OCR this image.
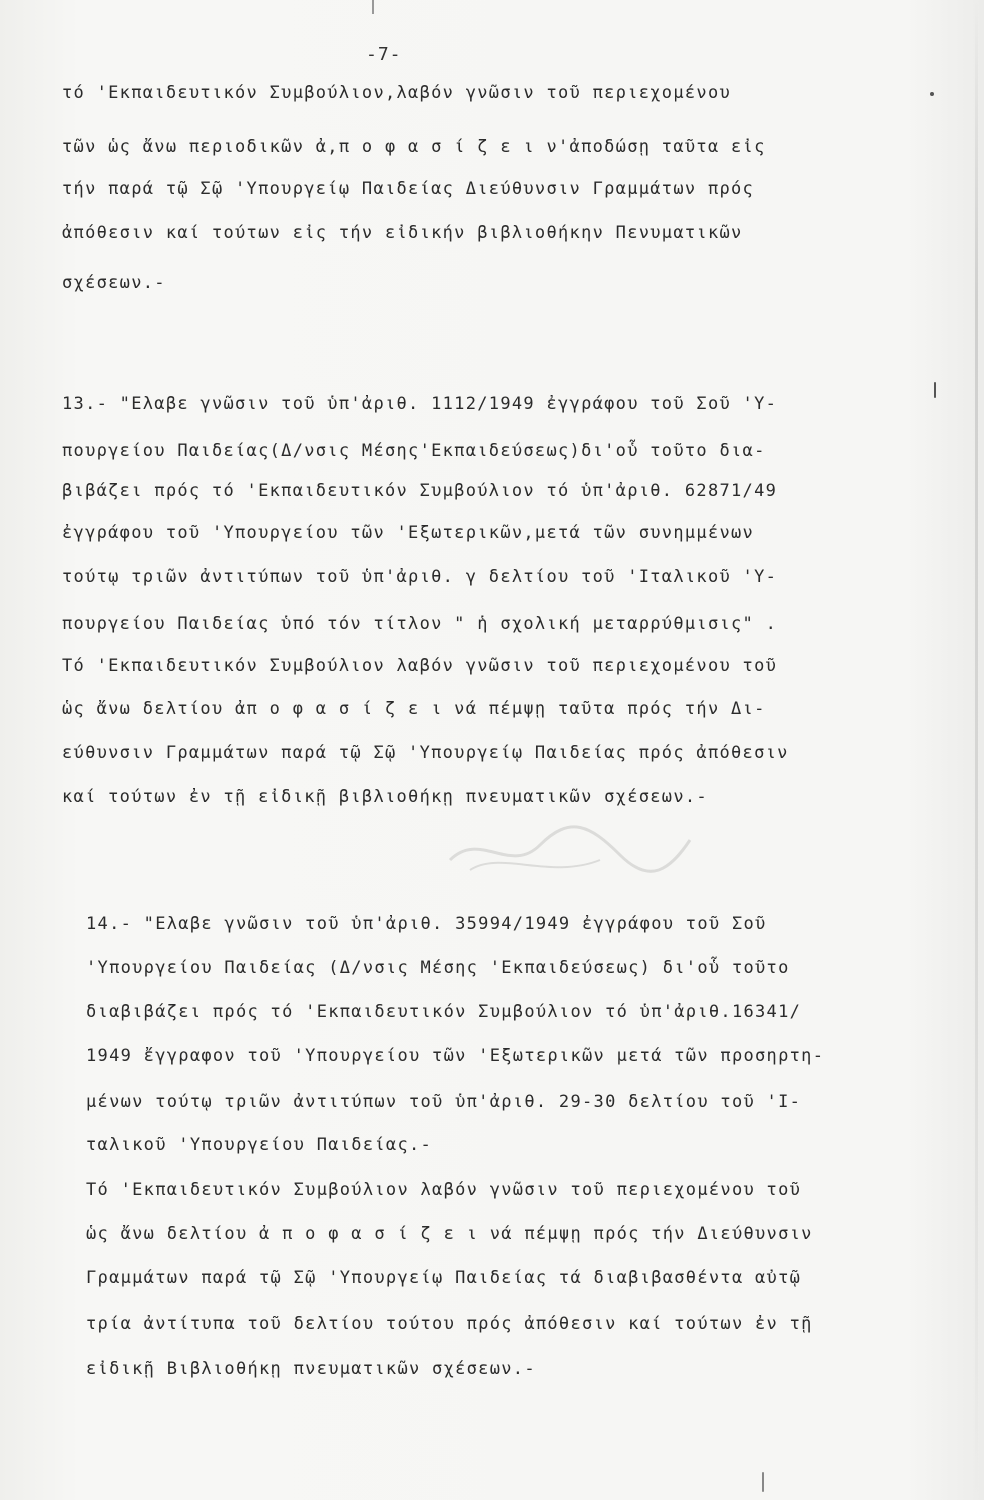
-7-
τό 'Εκπαιδευτικόν Συμβούλιον,λαβόν γνῶσιν τοῦ περιεχομένου
τῶν ὡς ἄνω περιοδικῶν ἀ,π ο φ α σ ί ζ ε ι ν'ἀποδώσῃ ταῦτα εἰς
τήν παρά τῷ Σῷ 'Υπουργείῳ Παιδείας Διεύθυνσιν Γραμμάτων πρός
ἀπόθεσιν καί τούτων εἰς τήν εἰδικήν βιβλιοθήκην Πενυματικῶν
σχέσεων.-
13.- "Ελαβε γνῶσιν τοῦ ὑπ'ἀριθ. 1112/1949 ἐγγράφου τοῦ Σοῦ 'Υ-
πουργείου Παιδείας(Δ/νσις Μέσης'Εκπαιδεύσεως)δι'οὗ τοῦτο δια-
βιβάζει πρός τό 'Εκπαιδευτικόν Συμβούλιον τό ὑπ'ἀριθ. 62871/49
ἐγγράφου τοῦ 'Υπουργείου τῶν 'Εξωτερικῶν,μετά τῶν συνημμένων
τούτῳ τριῶν ἀντιτύπων τοῦ ὑπ'ἀριθ. γ δελτίου τοῦ 'Ιταλικοῦ 'Υ-
πουργείου Παιδείας ὑπό τόν τίτλον " ἡ σχολική μεταρρύθμισις" .
Τό 'Εκπαιδευτικόν Συμβούλιον λαβόν γνῶσιν τοῦ περιεχομένου τοῦ
ὡς ἄνω δελτίου ἀπ ο φ α σ ί ζ ε ι νά πέμψῃ ταῦτα πρός τήν Δι-
εύθυνσιν Γραμμάτων παρά τῷ Σῷ 'Υπουργείῳ Παιδείας πρός ἀπόθεσιν
καί τούτων ἐν τῇ εἰδικῇ βιβλιοθήκῃ πνευματικῶν σχέσεων.-
14.- "Ελαβε γνῶσιν τοῦ ὑπ'ἀριθ. 35994/1949 ἐγγράφου τοῦ Σοῦ
'Υπουργείου Παιδείας (Δ/νσις Μέσης 'Εκπαιδεύσεως) δι'οὗ τοῦτο
διαβιβάζει πρός τό 'Εκπαιδευτικόν Συμβούλιον τό ὑπ'ἀριθ.16341/
1949 ἔγγραφον τοῦ 'Υπουργείου τῶν 'Εξωτερικῶν μετά τῶν προσηρτη-
μένων τούτῳ τριῶν ἀντιτύπων τοῦ ὑπ'ἀριθ. 29-30 δελτίου τοῦ 'Ι-
ταλικοῦ 'Υπουργείου Παιδείας.-
Τό 'Εκπαιδευτικόν Συμβούλιον λαβόν γνῶσιν τοῦ περιεχομένου τοῦ
ὡς ἄνω δελτίου ἀ π ο φ α σ ί ζ ε ι νά πέμψῃ πρός τήν Διεύθυνσιν
Γραμμάτων παρά τῷ Σῷ 'Υπουργείῳ Παιδείας τά διαβιβασθέντα αὐτῷ
τρία ἀντίτυπα τοῦ δελτίου τούτου πρός ἀπόθεσιν καί τούτων ἐν τῇ
εἰδικῇ Βιβλιοθήκῃ πνευματικῶν σχέσεων.-
